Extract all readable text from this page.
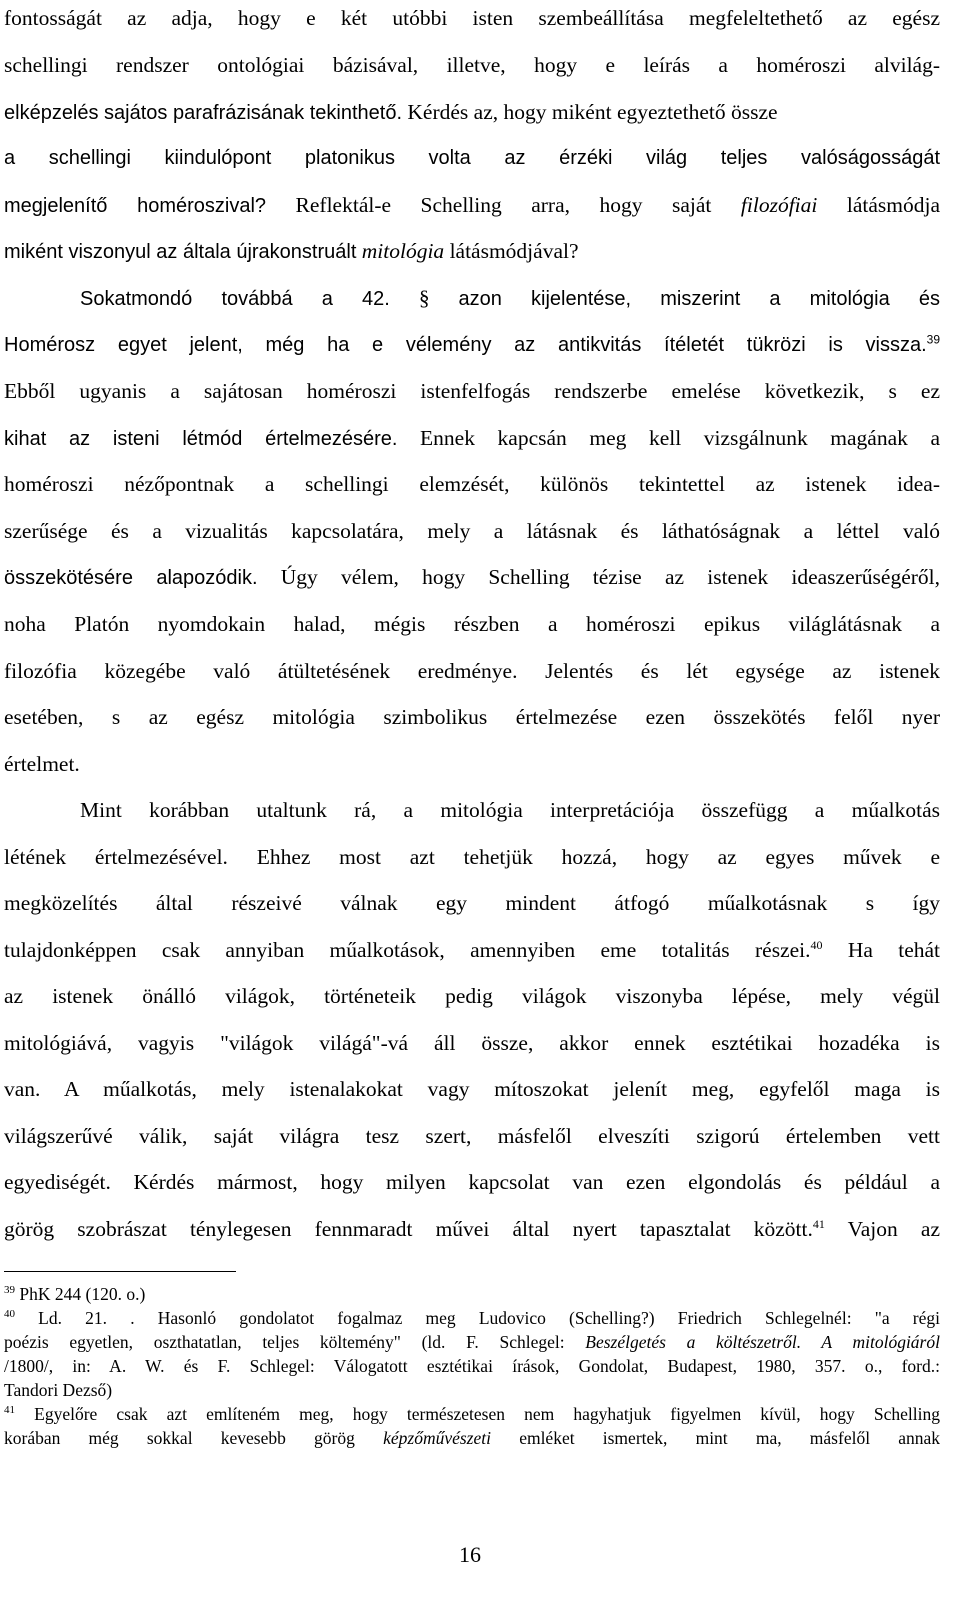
fontosságát az adja, hogy e két utóbbi isten szembeállítása megfeleltethető az egész
schellingi rendszer ontológiai bázisával, illetve, hogy e leírás a homéroszi alvilág-
elképzelés sajátos parafrázisának tekinthető. Kérdés az, hogy miként egyeztethető össze
a schellingi kiindulópont platonikus volta az érzéki világ teljes valóságosságát
megjelenítő homéroszival? Reflektál-e Schelling arra, hogy saját filozófiai látásmódja
miként viszonyul az általa újrakonstruált mitológia látásmódjával?
Sokatmondó továbbá a 42. § azon kijelentése, miszerint a mitológia és
Homérosz egyet jelent, még ha e vélemény az antikvitás ítéletét tükrözi is vissza.$^{39}$
Ebből ugyanis a sajátosan homéroszi istenfelfogás rendszerbe emelése következik, s ez
kihat az isteni létmód értelmezésére. Ennek kapcsán meg kell vizsgálnunk magának a
homéroszi nézőpontnak a schellingi elemzését, különös tekintettel az istenek idea-
szerűsége és a vizualitás kapcsolatára, mely a látásnak és láthatóságnak a léttel való
összekötésére alapozódik. Úgy vélem, hogy Schelling tézise az istenek ideaszerűségéről,
noha Platón nyomdokain halad, mégis részben a homéroszi epikus világlátásnak a
filozófia közegébe való átültetésének eredménye. Jelentés és lét egysége az istenek
esetében, s az egész mitológia szimbolikus értelmezése ezen összekötés felől nyer
értelmet.
Mint korábban utaltunk rá, a mitológia interpretációja összefügg a műalkotás
létének értelmezésével. Ehhez most azt tehetjük hozzá, hogy az egyes művek e
megközelítés által részeivé válnak egy mindent átfogó műalkotásnak s így
tulajdonképpen csak annyiban műalkotások, amennyiben eme totalitás részei.$^{40}$ Ha tehát
az istenek önálló világok, történeteik pedig világok viszonyba lépése, mely végül
mitológiává, vagyis "világok világá"-vá áll össze, akkor ennek esztétikai hozadéka is
van. A műalkotás, mely istenalakokat vagy mítoszokat jelenít meg, egyfelől maga is
világszerűvé válik, saját világra tesz szert, másfelől elveszíti szigorú értelemben vett
egyediségét. Kérdés mármost, hogy milyen kapcsolat van ezen elgondolás és például a
görög szobrászat ténylegesen fennmaradt művei által nyert tapasztalat között.$^{41}$ Vajon az
$^{39}$ PhK 244 (120. o.)
$^{40}$ Ld. 21. . Hasonló gondolatot fogalmaz meg Ludovico (Schelling?) Friedrich Schlegelnél: "a régi
poézis egyetlen, oszthatatlan, teljes költemény" (ld. F. Schlegel: Beszélgetés a költészetről. A mitológiáról
/1800/, in: A. W. és F. Schlegel: Válogatott esztétikai írások, Gondolat, Budapest, 1980, 357. o., ford.:
Tandori Dezső)
$^{41}$ Egyelőre csak azt említeném meg, hogy természetesen nem hagyhatjuk figyelmen kívül, hogy Schelling
korában még sokkal kevesebb görög képzőművészeti emléket ismertek, mint ma, másfelől annak
16
